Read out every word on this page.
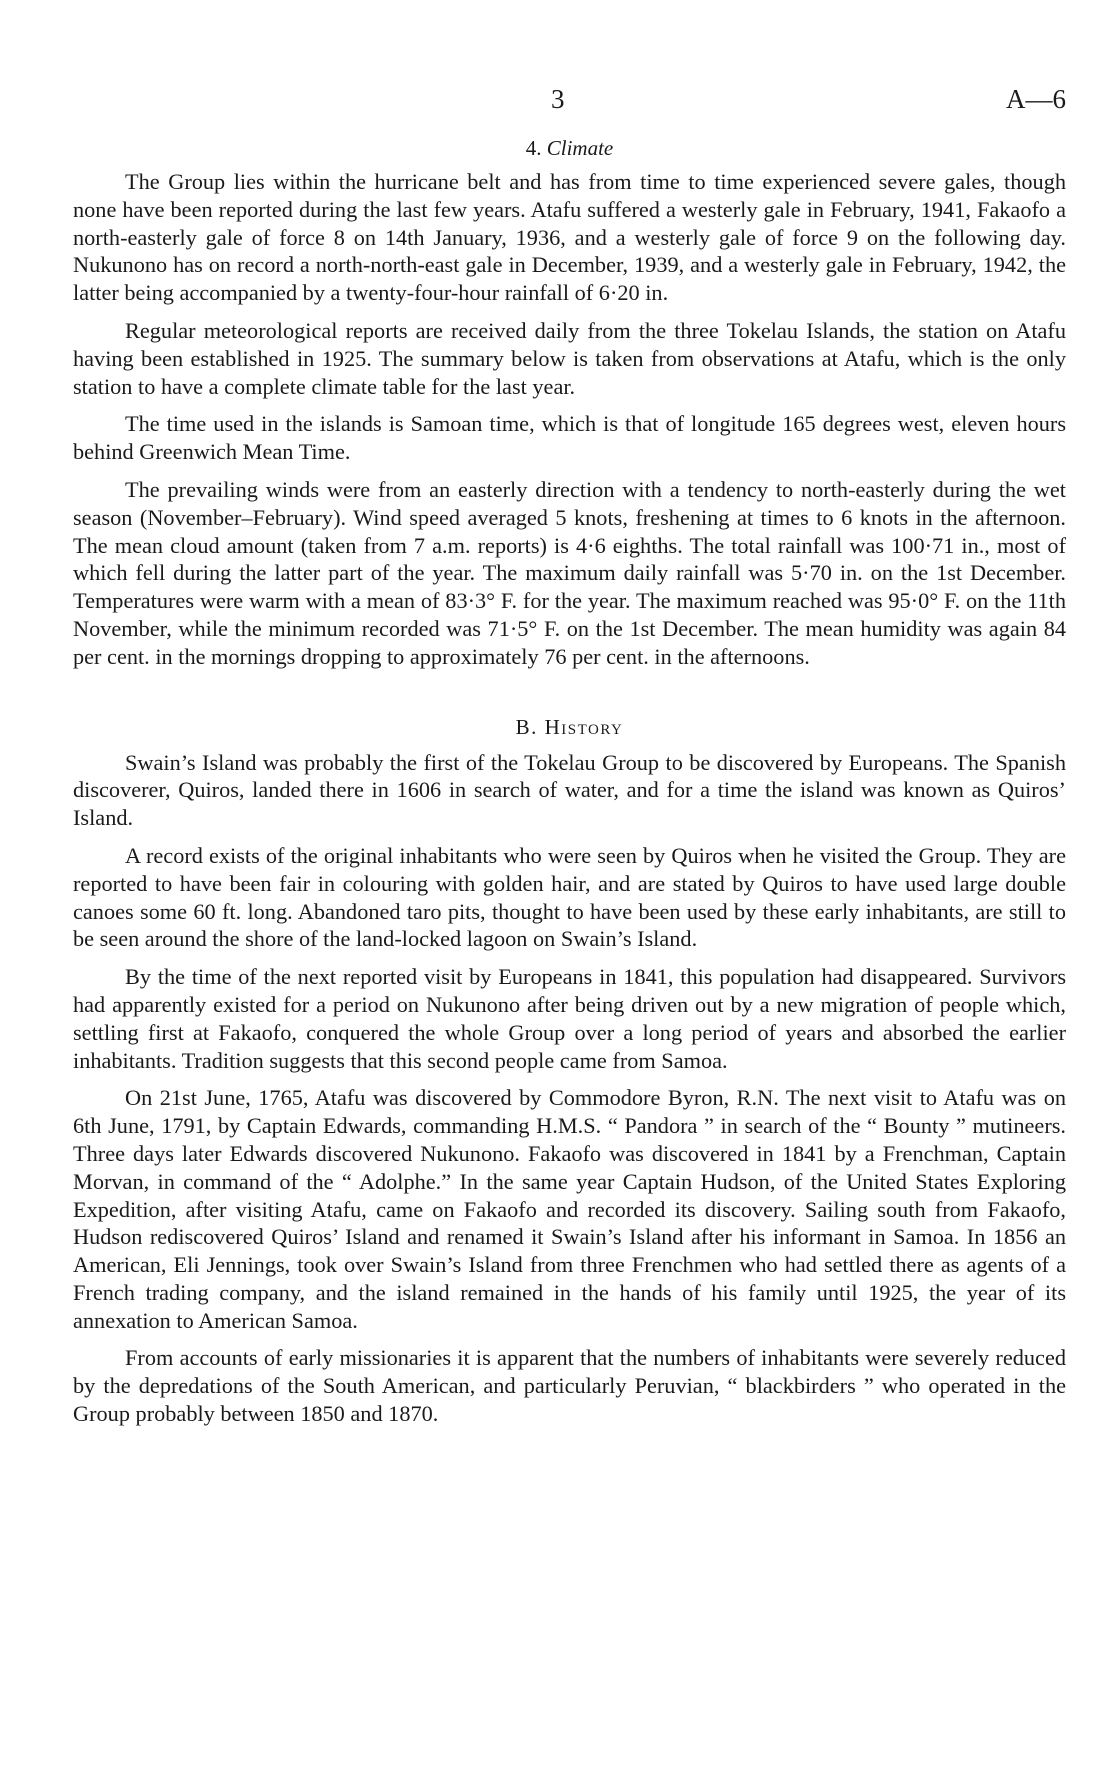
3	A—6
4. Climate

The Group lies within the hurricane belt and has from time to time experienced severe gales, though none have been reported during the last few years. Atafu suffered a westerly gale in February, 1941, Fakaofo a north-easterly gale of force 8 on 14th January, 1936, and a westerly gale of force 9 on the following day. Nukunono has on record a north-north-east gale in December, 1939, and a westerly gale in February, 1942, the latter being accompanied by a twenty-four-hour rainfall of 6·20 in.

Regular meteorological reports are received daily from the three Tokelau Islands, the station on Atafu having been established in 1925. The summary below is taken from observations at Atafu, which is the only station to have a complete climate table for the last year.

The time used in the islands is Samoan time, which is that of longitude 165 degrees west, eleven hours behind Greenwich Mean Time.

The prevailing winds were from an easterly direction with a tendency to north-easterly during the wet season (November–February). Wind speed averaged 5 knots, freshening at times to 6 knots in the afternoon. The mean cloud amount (taken from 7 a.m. reports) is 4·6 eighths. The total rainfall was 100·71 in., most of which fell during the latter part of the year. The maximum daily rainfall was 5·70 in. on the 1st December. Temperatures were warm with a mean of 83·3° F. for the year. The maximum reached was 95·0° F. on the 11th November, while the minimum recorded was 71·5° F. on the 1st December. The mean humidity was again 84 per cent. in the mornings dropping to approximately 76 per cent. in the afternoons.

B. History

Swain’s Island was probably the first of the Tokelau Group to be discovered by Europeans. The Spanish discoverer, Quiros, landed there in 1606 in search of water, and for a time the island was known as Quiros’ Island.

A record exists of the original inhabitants who were seen by Quiros when he visited the Group. They are reported to have been fair in colouring with golden hair, and are stated by Quiros to have used large double canoes some 60 ft. long. Abandoned taro pits, thought to have been used by these early inhabitants, are still to be seen around the shore of the land-locked lagoon on Swain’s Island.

By the time of the next reported visit by Europeans in 1841, this population had disappeared. Survivors had apparently existed for a period on Nukunono after being driven out by a new migration of people which, settling first at Fakaofo, conquered the whole Group over a long period of years and absorbed the earlier inhabitants. Tradition suggests that this second people came from Samoa.

On 21st June, 1765, Atafu was discovered by Commodore Byron, R.N. The next visit to Atafu was on 6th June, 1791, by Captain Edwards, commanding H.M.S. “ Pandora ” in search of the “ Bounty ” mutineers. Three days later Edwards discovered Nukunono. Fakaofo was discovered in 1841 by a Frenchman, Captain Morvan, in command of the “ Adolphe.” In the same year Captain Hudson, of the United States Exploring Expedition, after visiting Atafu, came on Fakaofo and recorded its discovery. Sailing south from Fakaofo, Hudson rediscovered Quiros’ Island and renamed it Swain’s Island after his informant in Samoa. In 1856 an American, Eli Jennings, took over Swain’s Island from three Frenchmen who had settled there as agents of a French trading company, and the island remained in the hands of his family until 1925, the year of its annexation to American Samoa.

From accounts of early missionaries it is apparent that the numbers of inhabitants were severely reduced by the depredations of the South American, and particularly Peruvian, “ blackbirders ” who operated in the Group probably between 1850 and 1870.
